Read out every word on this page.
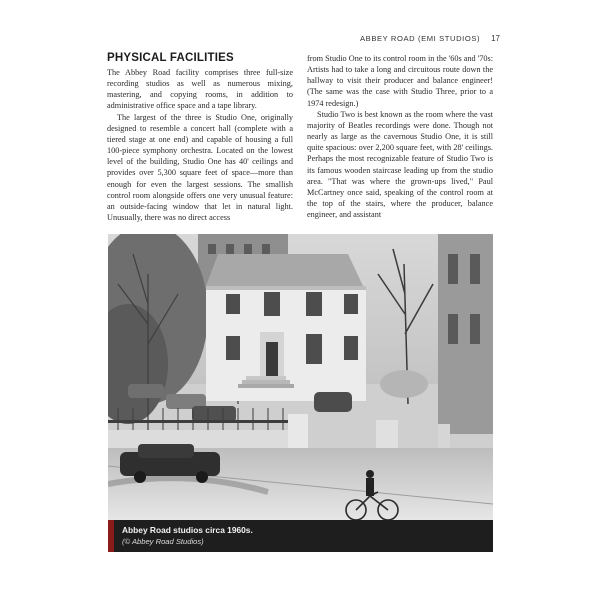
ABBEY ROAD (EMI STUDIOS) 17
PHYSICAL FACILITIES

The Abbey Road facility comprises three full-size recording studios as well as numerous mixing, mastering, and copying rooms, in addition to administrative office space and a tape library.

The largest of the three is Studio One, originally designed to resemble a concert hall (complete with a tiered stage at one end) and capable of housing a full 100-piece symphony orchestra. Located on the lowest level of the building, Studio One has 40' ceilings and provides over 5,300 square feet of space—more than enough for even the largest sessions. The smallish control room alongside offers one very unusual feature: an outside-facing window that let in natural light. Unusually, there was no direct access

from Studio One to its control room in the '60s and '70s: Artists had to take a long and circuitous route down the hallway to visit their producer and balance engineer! (The same was the case with Studio Three, prior to a 1974 redesign.)

Studio Two is best known as the room where the vast majority of Beatles recordings were done. Though not nearly as large as the cavernous Studio One, it is still quite spacious: over 2,200 square feet, with 28' ceilings. Perhaps the most recognizable feature of Studio Two is its famous wooden staircase leading up from the studio area. "That was where the grown-ups lived," Paul McCartney once said, speaking of the control room at the top of the stairs, where the producer, balance engineer, and assistant

Abbey Road studios circa 1960s.
(© Abbey Road Studios)
